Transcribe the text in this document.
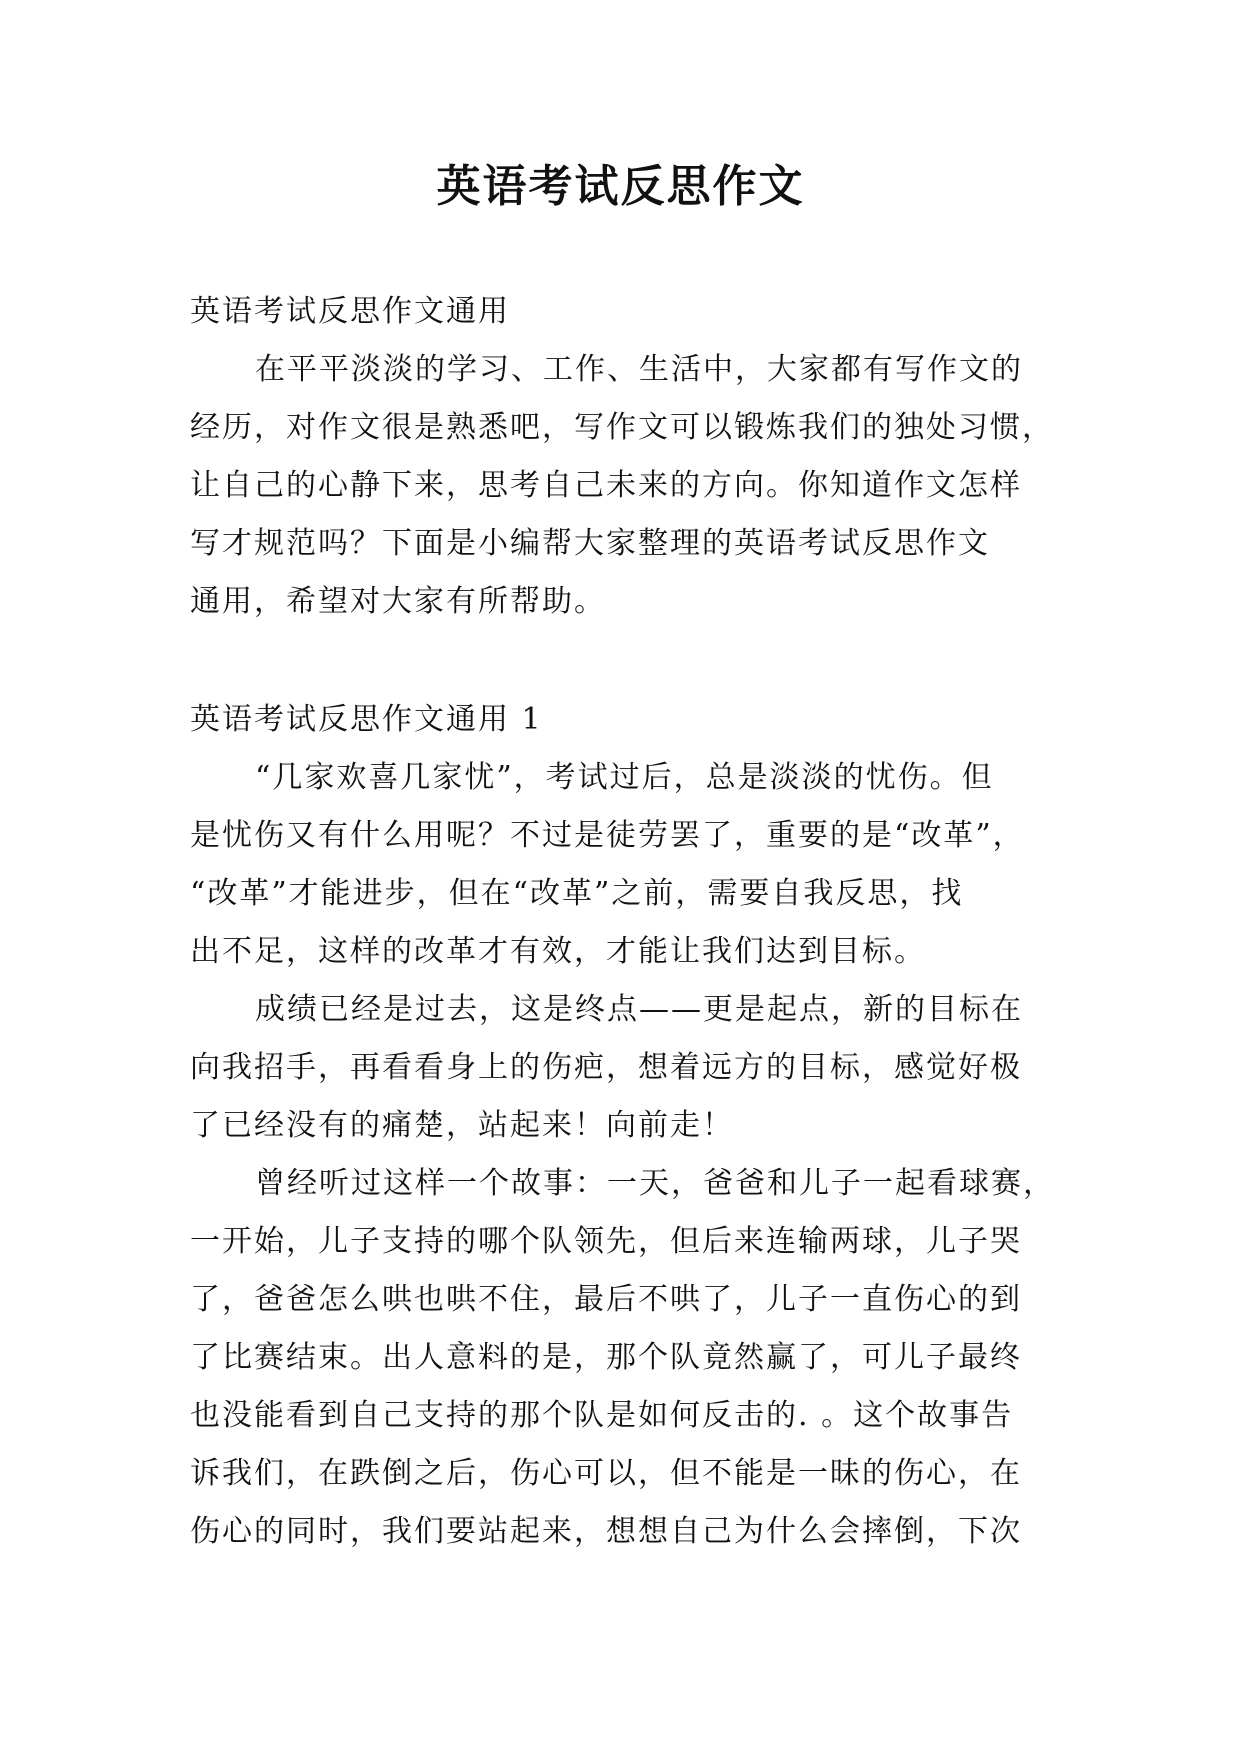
英语考试反思作文
英语考试反思作文通用
在平平淡淡的学习、工作、生活中，大家都有写作文的
经历，对作文很是熟悉吧，写作文可以锻炼我们的独处习惯，
让自己的心静下来，思考自己未来的方向。你知道作文怎样
写才规范吗？下面是小编帮大家整理的英语考试反思作文
通用，希望对大家有所帮助。
英语考试反思作文通用 1
“几家欢喜几家忧”，考试过后，总是淡淡的忧伤。但
是忧伤又有什么用呢？不过是徒劳罢了，重要的是“改革”，
“改革”才能进步，但在“改革”之前，需要自我反思，找
出不足，这样的改革才有效，才能让我们达到目标。
成绩已经是过去，这是终点——更是起点，新的目标在
向我招手，再看看身上的伤疤，想着远方的目标，感觉好极
了已经没有的痛楚，站起来！向前走！
曾经听过这样一个故事：一天，爸爸和儿子一起看球赛，
一开始，儿子支持的哪个队领先，但后来连输两球，儿子哭
了，爸爸怎么哄也哄不住，最后不哄了，儿子一直伤心的到
了比赛结束。出人意料的是，那个队竟然赢了，可儿子最终
也没能看到自己支持的那个队是如何反击的. 。这个故事告
诉我们，在跌倒之后，伤心可以，但不能是一昧的伤心，在
伤心的同时，我们要站起来，想想自己为什么会摔倒，下次
